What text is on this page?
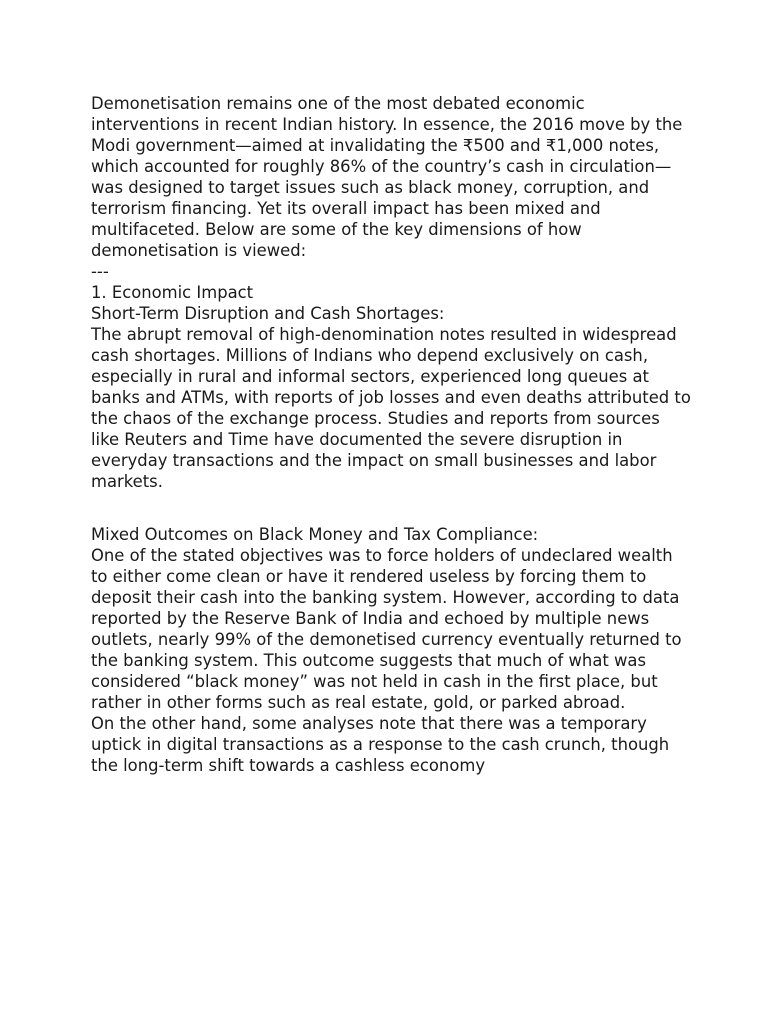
Demonetisation remains one of the most debated economic interventions in recent Indian history. In essence, the 2016 move by the Modi government—aimed at invalidating the ₹500 and ₹1,000 notes, which accounted for roughly 86% of the country’s cash in circulation—was designed to target issues such as black money, corruption, and terrorism financing. Yet its overall impact has been mixed and multifaceted. Below are some of the key dimensions of how demonetisation is viewed:

---

1. Economic Impact

Short-Term Disruption and Cash Shortages:

The abrupt removal of high-denomination notes resulted in widespread cash shortages. Millions of Indians who depend exclusively on cash, especially in rural and informal sectors, experienced long queues at banks and ATMs, with reports of job losses and even deaths attributed to the chaos of the exchange process. Studies and reports from sources like Reuters and Time have documented the severe disruption in everyday transactions and the impact on small businesses and labor markets.

Mixed Outcomes on Black Money and Tax Compliance:

One of the stated objectives was to force holders of undeclared wealth to either come clean or have it rendered useless by forcing them to deposit their cash into the banking system. However, according to data reported by the Reserve Bank of India and echoed by multiple news outlets, nearly 99% of the demonetised currency eventually returned to the banking system. This outcome suggests that much of what was considered “black money” was not held in cash in the first place, but rather in other forms such as real estate, gold, or parked abroad.

On the other hand, some analyses note that there was a temporary uptick in digital transactions as a response to the cash crunch, though the long-term shift towards a cashless economy
